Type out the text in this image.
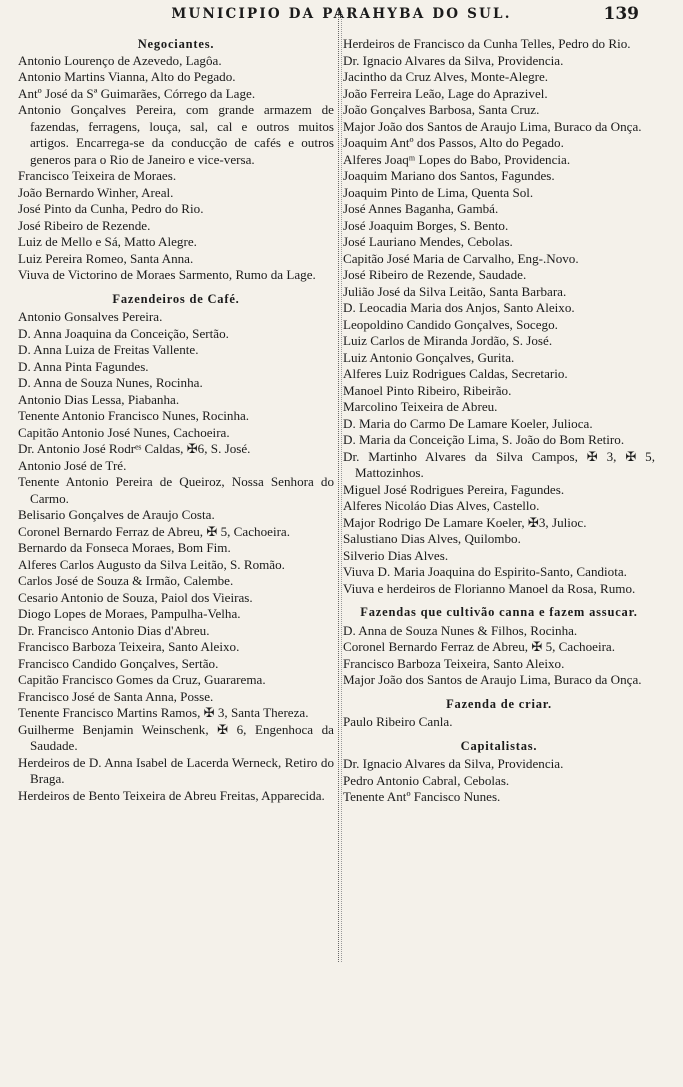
MUNICIPIO DA PARAHYBA DO SUL.	139

Negociantes.

Antonio Lourenço de Azevedo, Lagôa.

Antonio Martins Vianna, Alto do Pegado.

Antº José da Sª Guimarães, Córrego da Lage.

Antonio Gonçalves Pereira, com grande armazem de fazendas, ferragens, louça, sal, cal e outros muitos artigos. Encarrega-se da conducção de cafés e outros generos para o Rio de Janeiro e vice-versa.

Francisco Teixeira de Moraes.

João Bernardo Winher, Areal.

José Pinto da Cunha, Pedro do Rio.

José Ribeiro de Rezende.

Luiz de Mello e Sá, Matto Alegre.

Luiz Pereira Romeo, Santa Anna.

Viuva de Victorino de Moraes Sarmento, Rumo da Lage.

Fazendeiros de Café.

Antonio Gonsalves Pereira.

D. Anna Joaquina da Conceição, Sertão.

D. Anna Luiza de Freitas Vallente.

D. Anna Pinta Fagundes.

D. Anna de Souza Nunes, Rocinha.

Antonio Dias Lessa, Piabanha.

Tenente Antonio Francisco Nunes, Rocinha.

Capitão Antonio José Nunes, Cachoeira.

Dr. Antonio José Rodrᵉˢ Caldas, ✠6, S. José.

Antonio José de Tré.

Tenente Antonio Pereira de Queiroz, Nossa Senhora do Carmo.

Belisario Gonçalves de Araujo Costa.

Coronel Bernardo Ferraz de Abreu, ✠ 5, Cachoeira.

Bernardo da Fonseca Moraes, Bom Fim.

Alferes Carlos Augusto da Silva Leitão, S. Romão.

Carlos José de Souza & Irmão, Calembe.

Cesario Antonio de Souza, Paiol dos Vieiras.

Diogo Lopes de Moraes, Pampulha-Velha.

Dr. Francisco Antonio Dias d'Abreu.

Francisco Barboza Teixeira, Santo Aleixo.

Francisco Candido Gonçalves, Sertão.

Capitão Francisco Gomes da Cruz, Guararema.

Francisco José de Santa Anna, Posse.

Tenente Francisco Martins Ramos, ✠ 3, Santa Thereza.

Guilherme Benjamin Weinschenk, ✠ 6, Engenhoca da Saudade.

Herdeiros de D. Anna Isabel de Lacerda Werneck, Retiro do Braga.

Herdeiros de Bento Teixeira de Abreu Freitas, Apparecida.

Herdeiros de Francisco da Cunha Telles, Pedro do Rio.

Dr. Ignacio Alvares da Silva, Providencia.

Jacintho da Cruz Alves, Monte-Alegre.

João Ferreira Leão, Lage do Aprazivel.

João Gonçalves Barbosa, Santa Cruz.

Major João dos Santos de Araujo Lima, Buraco da Onça.

Joaquim Antº dos Passos, Alto do Pegado.

Alferes Joaqᵐ Lopes do Babo, Providencia.

Joaquim Mariano dos Santos, Fagundes.

Joaquim Pinto de Lima, Quenta Sol.

José Annes Baganha, Gambá.

José Joaquim Borges, S. Bento.

José Lauriano Mendes, Cebolas.

Capitão José Maria de Carvalho, Eng-.Novo.

José Ribeiro de Rezende, Saudade.

Julião José da Silva Leitão, Santa Barbara.

D. Leocadia Maria dos Anjos, Santo Aleixo.

Leopoldino Candido Gonçalves, Socego.

Luiz Carlos de Miranda Jordão, S. José.

Luiz Antonio Gonçalves, Gurita.

Alferes Luiz Rodrigues Caldas, Secretario.

Manoel Pinto Ribeiro, Ribeirão.

Marcolino Teixeira de Abreu.

D. Maria do Carmo De Lamare Koeler, Julioca.

D. Maria da Conceição Lima, S. João do Bom Retiro.

Dr. Martinho Alvares da Silva Campos, ✠ 3, ✠ 5, Mattozinhos.

Miguel José Rodrigues Pereira, Fagundes.

Alferes Nicoláo Dias Alves, Castello.

Major Rodrigo De Lamare Koeler, ✠3, Julioc.

Salustiano Dias Alves, Quilombo.

Silverio Dias Alves.

Viuva D. Maria Joaquina do Espirito-Santo, Candiota.

Viuva e herdeiros de Florianno Manoel da Rosa, Rumo.

Fazendas que cultivão canna e fazem assucar.

D. Anna de Souza Nunes & Filhos, Rocinha.

Coronel Bernardo Ferraz de Abreu, ✠ 5, Cachoeira.

Francisco Barboza Teixeira, Santo Aleixo.

Major João dos Santos de Araujo Lima, Buraco da Onça.

Fazenda de criar.

Paulo Ribeiro Canla.

Capitalistas.

Dr. Ignacio Alvares da Silva, Providencia.

Pedro Antonio Cabral, Cebolas.

Tenente Antº Fancisco Nunes.
